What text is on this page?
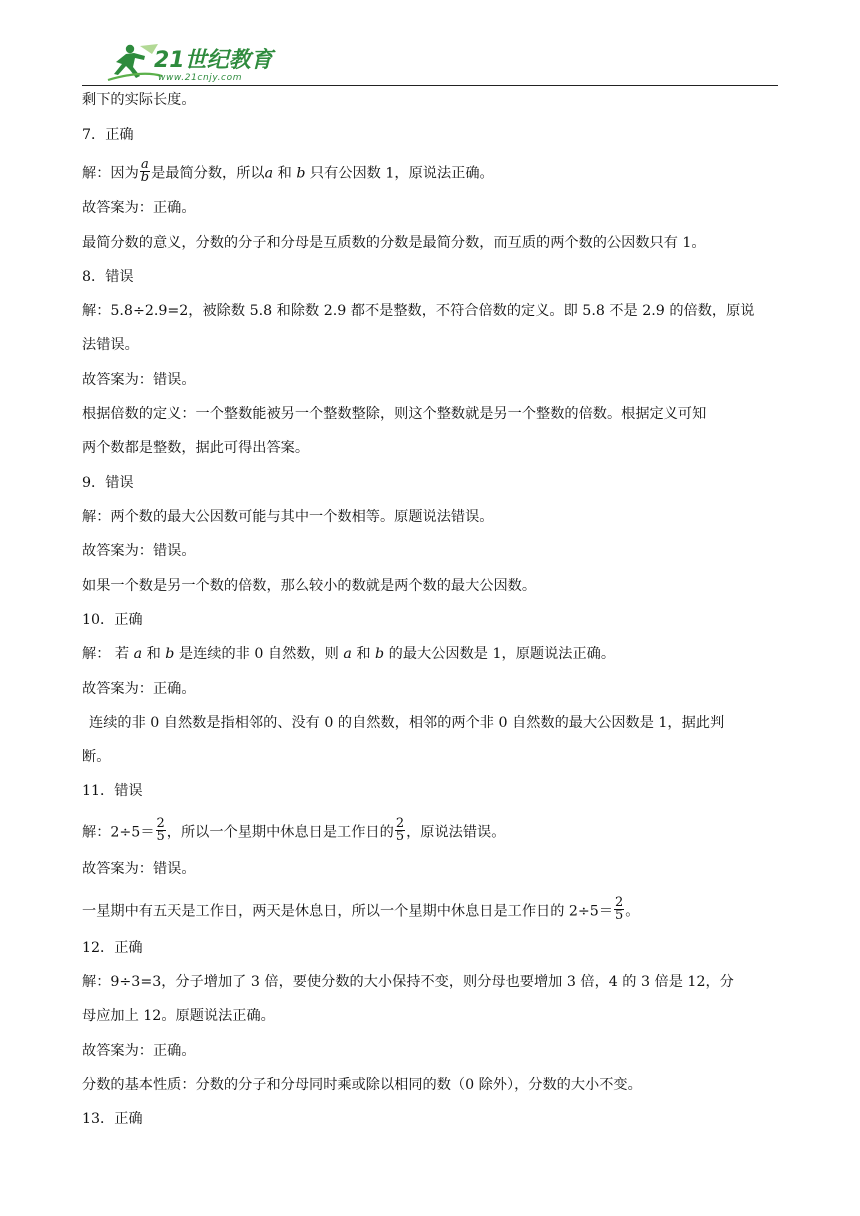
21世纪教育
www.21cnjy.com
剩下的实际长度。
7．正确
解：因为 $\frac{a}{b}$ 是最简分数，所以a 和 b 只有公因数 1，原说法正确。
故答案为：正确。
最简分数的意义，分数的分子和分母是互质数的分数是最简分数，而互质的两个数的公因数只有 1。
8．错误
解：5.8÷2.9=2，被除数 5.8 和除数 2.9 都不是整数，不符合倍数的定义。即 5.8 不是 2.9 的倍数，原说
法错误。
故答案为：错误。
根据倍数的定义：一个整数能被另一个整数整除，则这个整数就是另一个整数的倍数。根据定义可知
两个数都是整数，据此可得出答案。
9．错误
解：两个数的最大公因数可能与其中一个数相等。原题说法错误。
故答案为：错误。
如果一个数是另一个数的倍数，那么较小的数就是两个数的最大公因数。
10．正确
解： 若 a 和 b 是连续的非 0 自然数，则 a 和 b 的最大公因数是 1，原题说法正确。
故答案为：正确。
连续的非 0 自然数是指相邻的、没有 0 的自然数，相邻的两个非 0 自然数的最大公因数是 1，据此判
断。
11．错误
解：$2\div 5= \frac{2}{5}$ ，所以一个星期中休息日是工作日的 $\frac{2}{5}$ ，原说法错误。
故答案为：错误。
一星期中有五天是工作日，两天是休息日，所以一个星期中休息日是工作日的 $2\div 5= \frac{2}{5}$ 。
12．正确
解：9÷3=3，分子增加了 3 倍，要使分数的大小保持不变，则分母也要增加 3 倍，4 的 3 倍是 12，分
母应加上 12。原题说法正确。
故答案为：正确。
分数的基本性质：分数的分子和分母同时乘或除以相同的数（0 除外），分数的大小不变。
13．正确
